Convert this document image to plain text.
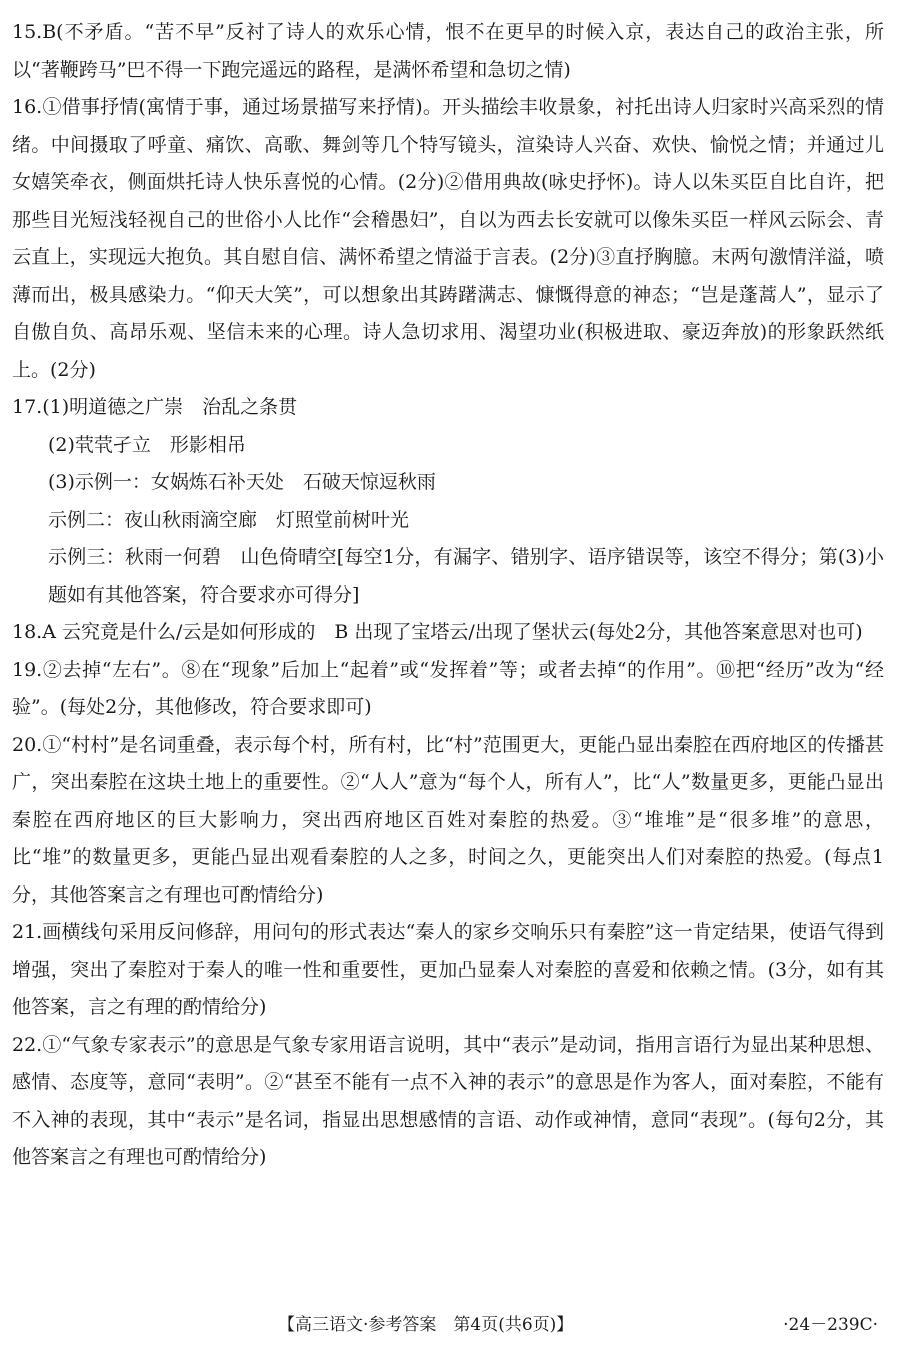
15.B(不矛盾。“苦不早”反衬了诗人的欢乐心情，恨不在更早的时候入京，表达自己的政治主张，所以“著鞭跨马”巴不得一下跑完遥远的路程，是满怀希望和急切之情)

16.①借事抒情(寓情于事，通过场景描写来抒情)。开头描绘丰收景象，衬托出诗人归家时兴高采烈的情绪。中间摄取了呼童、痛饮、高歌、舞剑等几个特写镜头，渲染诗人兴奋、欢快、愉悦之情；并通过儿女嬉笑牵衣，侧面烘托诗人快乐喜悦的心情。(2分)②借用典故(咏史抒怀)。诗人以朱买臣自比自许，把那些目光短浅轻视自己的世俗小人比作“会稽愚妇”，自以为西去长安就可以像朱买臣一样风云际会、青云直上，实现远大抱负。其自慰自信、满怀希望之情溢于言表。(2分)③直抒胸臆。末两句激情洋溢，喷薄而出，极具感染力。“仰天大笑”，可以想象出其踌躇满志、慷慨得意的神态；“岂是蓬蒿人”，显示了自傲自负、高昂乐观、坚信未来的心理。诗人急切求用、渴望功业(积极进取、豪迈奔放)的形象跃然纸上。(2分)

17.(1)明道德之广崇　治乱之条贯

(2)茕茕孑立　形影相吊

(3)示例一：女娲炼石补天处　石破天惊逗秋雨

示例二：夜山秋雨滴空廊　灯照堂前树叶光

示例三：秋雨一何碧　山色倚晴空[每空1分，有漏字、错别字、语序错误等，该空不得分；第(3)小题如有其他答案，符合要求亦可得分]

18.A 云究竟是什么/云是如何形成的　B 出现了宝塔云/出现了堡状云(每处2分，其他答案意思对也可)

19.②去掉“左右”。⑧在“现象”后加上“起着”或“发挥着”等；或者去掉“的作用”。⑩把“经历”改为“经验”。(每处2分，其他修改，符合要求即可)

20.①“村村”是名词重叠，表示每个村，所有村，比“村”范围更大，更能凸显出秦腔在西府地区的传播甚广，突出秦腔在这块土地上的重要性。②“人人”意为“每个人，所有人”，比“人”数量更多，更能凸显出秦腔在西府地区的巨大影响力，突出西府地区百姓对秦腔的热爱。③“堆堆”是“很多堆”的意思，比“堆”的数量更多，更能凸显出观看秦腔的人之多，时间之久，更能突出人们对秦腔的热爱。(每点1分，其他答案言之有理也可酌情给分)

21.画横线句采用反问修辞，用问句的形式表达“秦人的家乡交响乐只有秦腔”这一肯定结果，使语气得到增强，突出了秦腔对于秦人的唯一性和重要性，更加凸显秦人对秦腔的喜爱和依赖之情。(3分，如有其他答案，言之有理的酌情给分)

22.①“气象专家表示”的意思是气象专家用语言说明，其中“表示”是动词，指用言语行为显出某种思想、感情、态度等，意同“表明”。②“甚至不能有一点不入神的表示”的意思是作为客人，面对秦腔，不能有不入神的表现，其中“表示”是名词，指显出思想感情的言语、动作或神情，意同“表现”。(每句2分，其他答案言之有理也可酌情给分)

【高三语文·参考答案　第4页(共6页)】	·24－239C·
